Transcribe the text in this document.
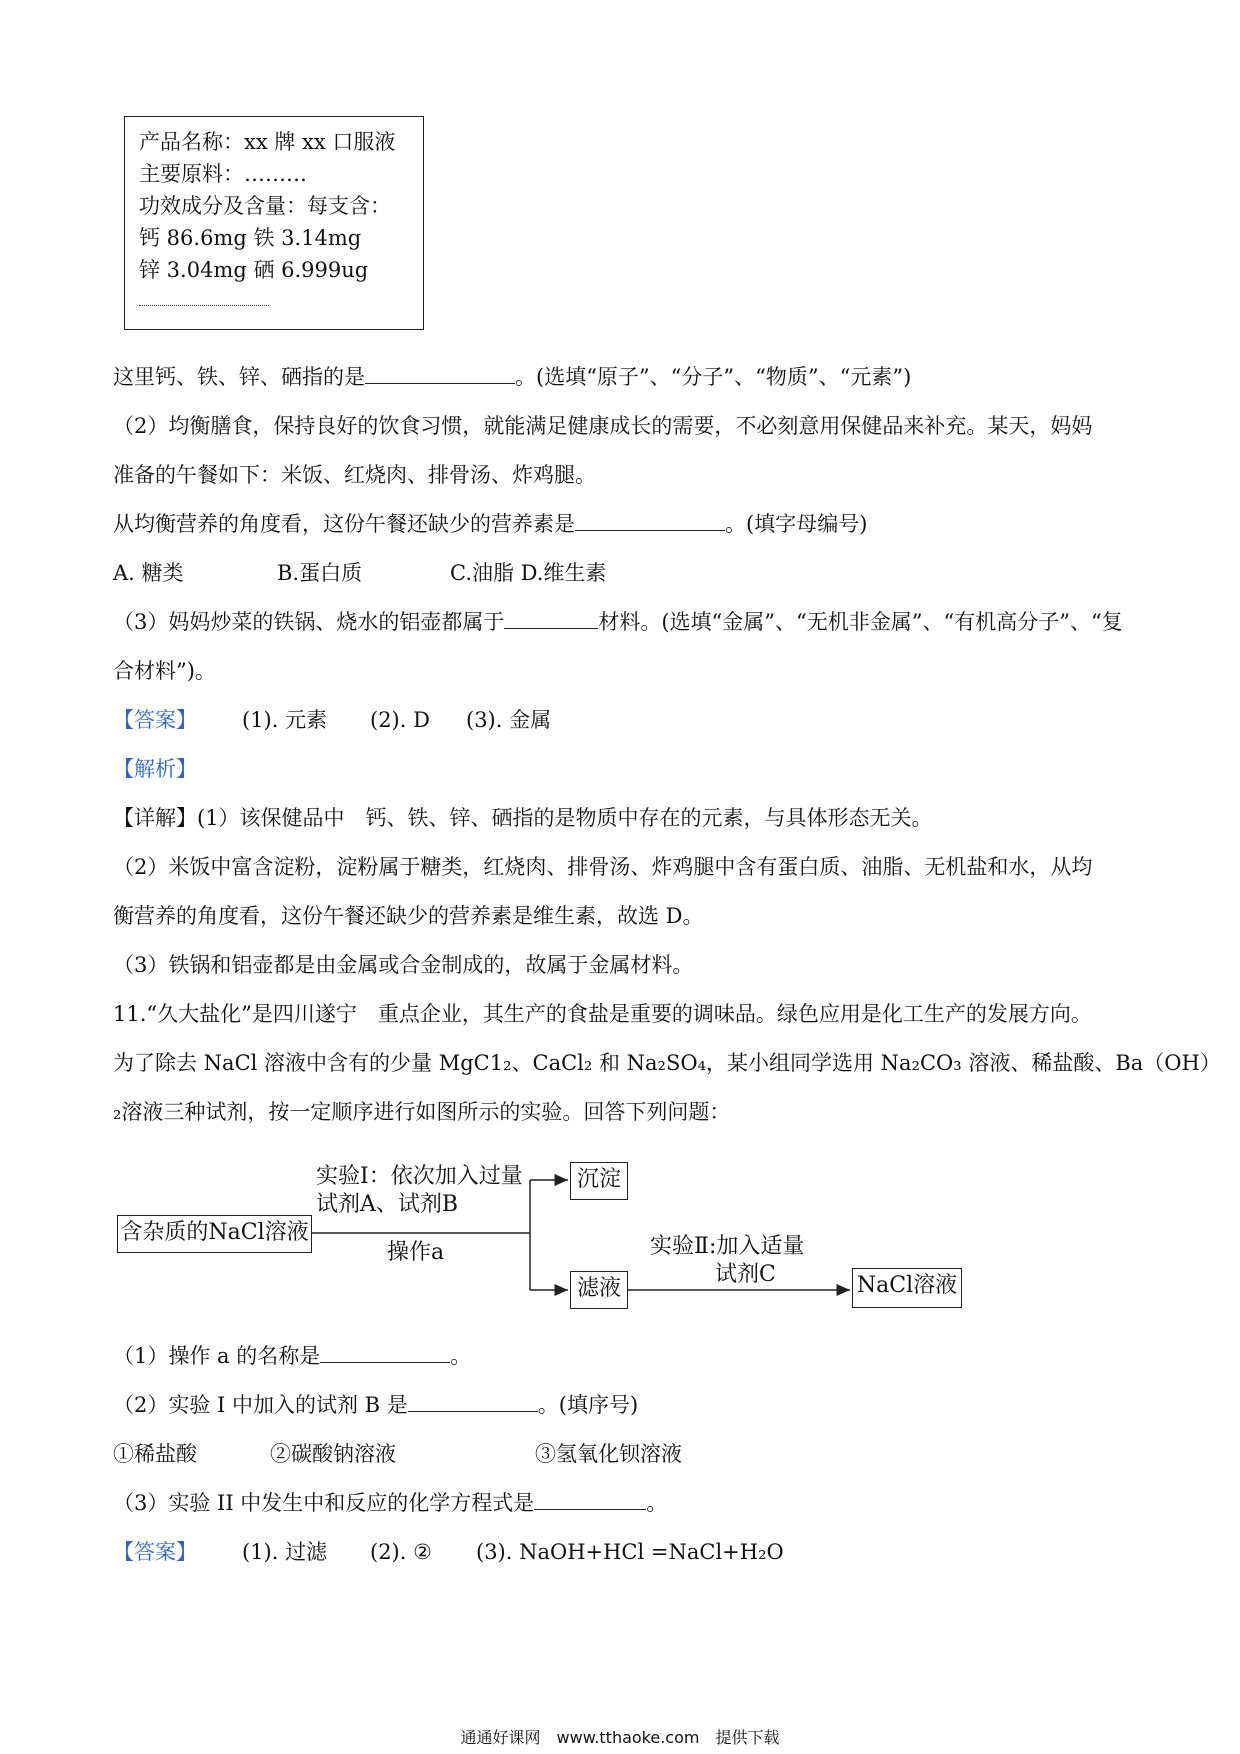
产品名称：xx 牌 xx 口服液
主要原料：………
功效成分及含量：每支含：
钙 86.6mg 铁 3.14mg
锌 3.04mg 硒 6.999ug
这里钙、铁、锌、硒指的是	。(选填“原子”、“分子”、“物质”、“元素”)
（2）均衡膳食，保持良好的饮食习惯，就能满足健康成长的需要，不必刻意用保健品来补充。某天，妈妈
准备的午餐如下：米饭、红烧肉、排骨汤、炸鸡腿。
从均衡营养的角度看，这份午餐还缺少的营养素是	。(填字母编号)
A. 糖类	B.蛋白质	C.油脂 D.维生素
（3）妈妈炒菜的铁锅、烧水的铝壶都属于	材料。(选填“金属”、“无机非金属”、“有机高分子”、“复
合材料”)。
【答案】 (1). 元素 (2). D (3). 金属
【解析】
【详解】(1）该保健品中　钙、铁、锌、硒指的是物质中存在的元素，与具体形态无关。
（2）米饭中富含淀粉，淀粉属于糖类，红烧肉、排骨汤、炸鸡腿中含有蛋白质、油脂、无机盐和水，从均
衡营养的角度看，这份午餐还缺少的营养素是维生素，故选 D。
（3）铁锅和铝壶都是由金属或合金制成的，故属于金属材料。
11.“久大盐化”是四川遂宁　重点企业，其生产的食盐是重要的调味品。绿色应用是化工生产的发展方向。
为了除去 NaCl 溶液中含有的少量 MgC1₂、CaCl₂ 和 Na₂SO₄，某小组同学选用 Na₂CO₃ 溶液、稀盐酸、Ba（OH）
₂溶液三种试剂，按一定顺序进行如图所示的实验。回答下列问题：
含杂质的NaCl溶液
实验Ⅰ：依次加入过量
试剂A、试剂B
操作a
沉淀
滤液
实验Ⅱ:加入适量
试剂C	NaCl溶液
（1）操作 a 的名称是	。
（2）实验 I 中加入的试剂 B 是	。(填序号)
①稀盐酸	②碳酸钠溶液	③氢氧化钡溶液
（3）实验 II 中发生中和反应的化学方程式是	。
【答案】 (1). 过滤 (2). ② (3). NaOH+HCl =NaCl+H₂O
通通好课网　www.tthaoke.com　提供下载
